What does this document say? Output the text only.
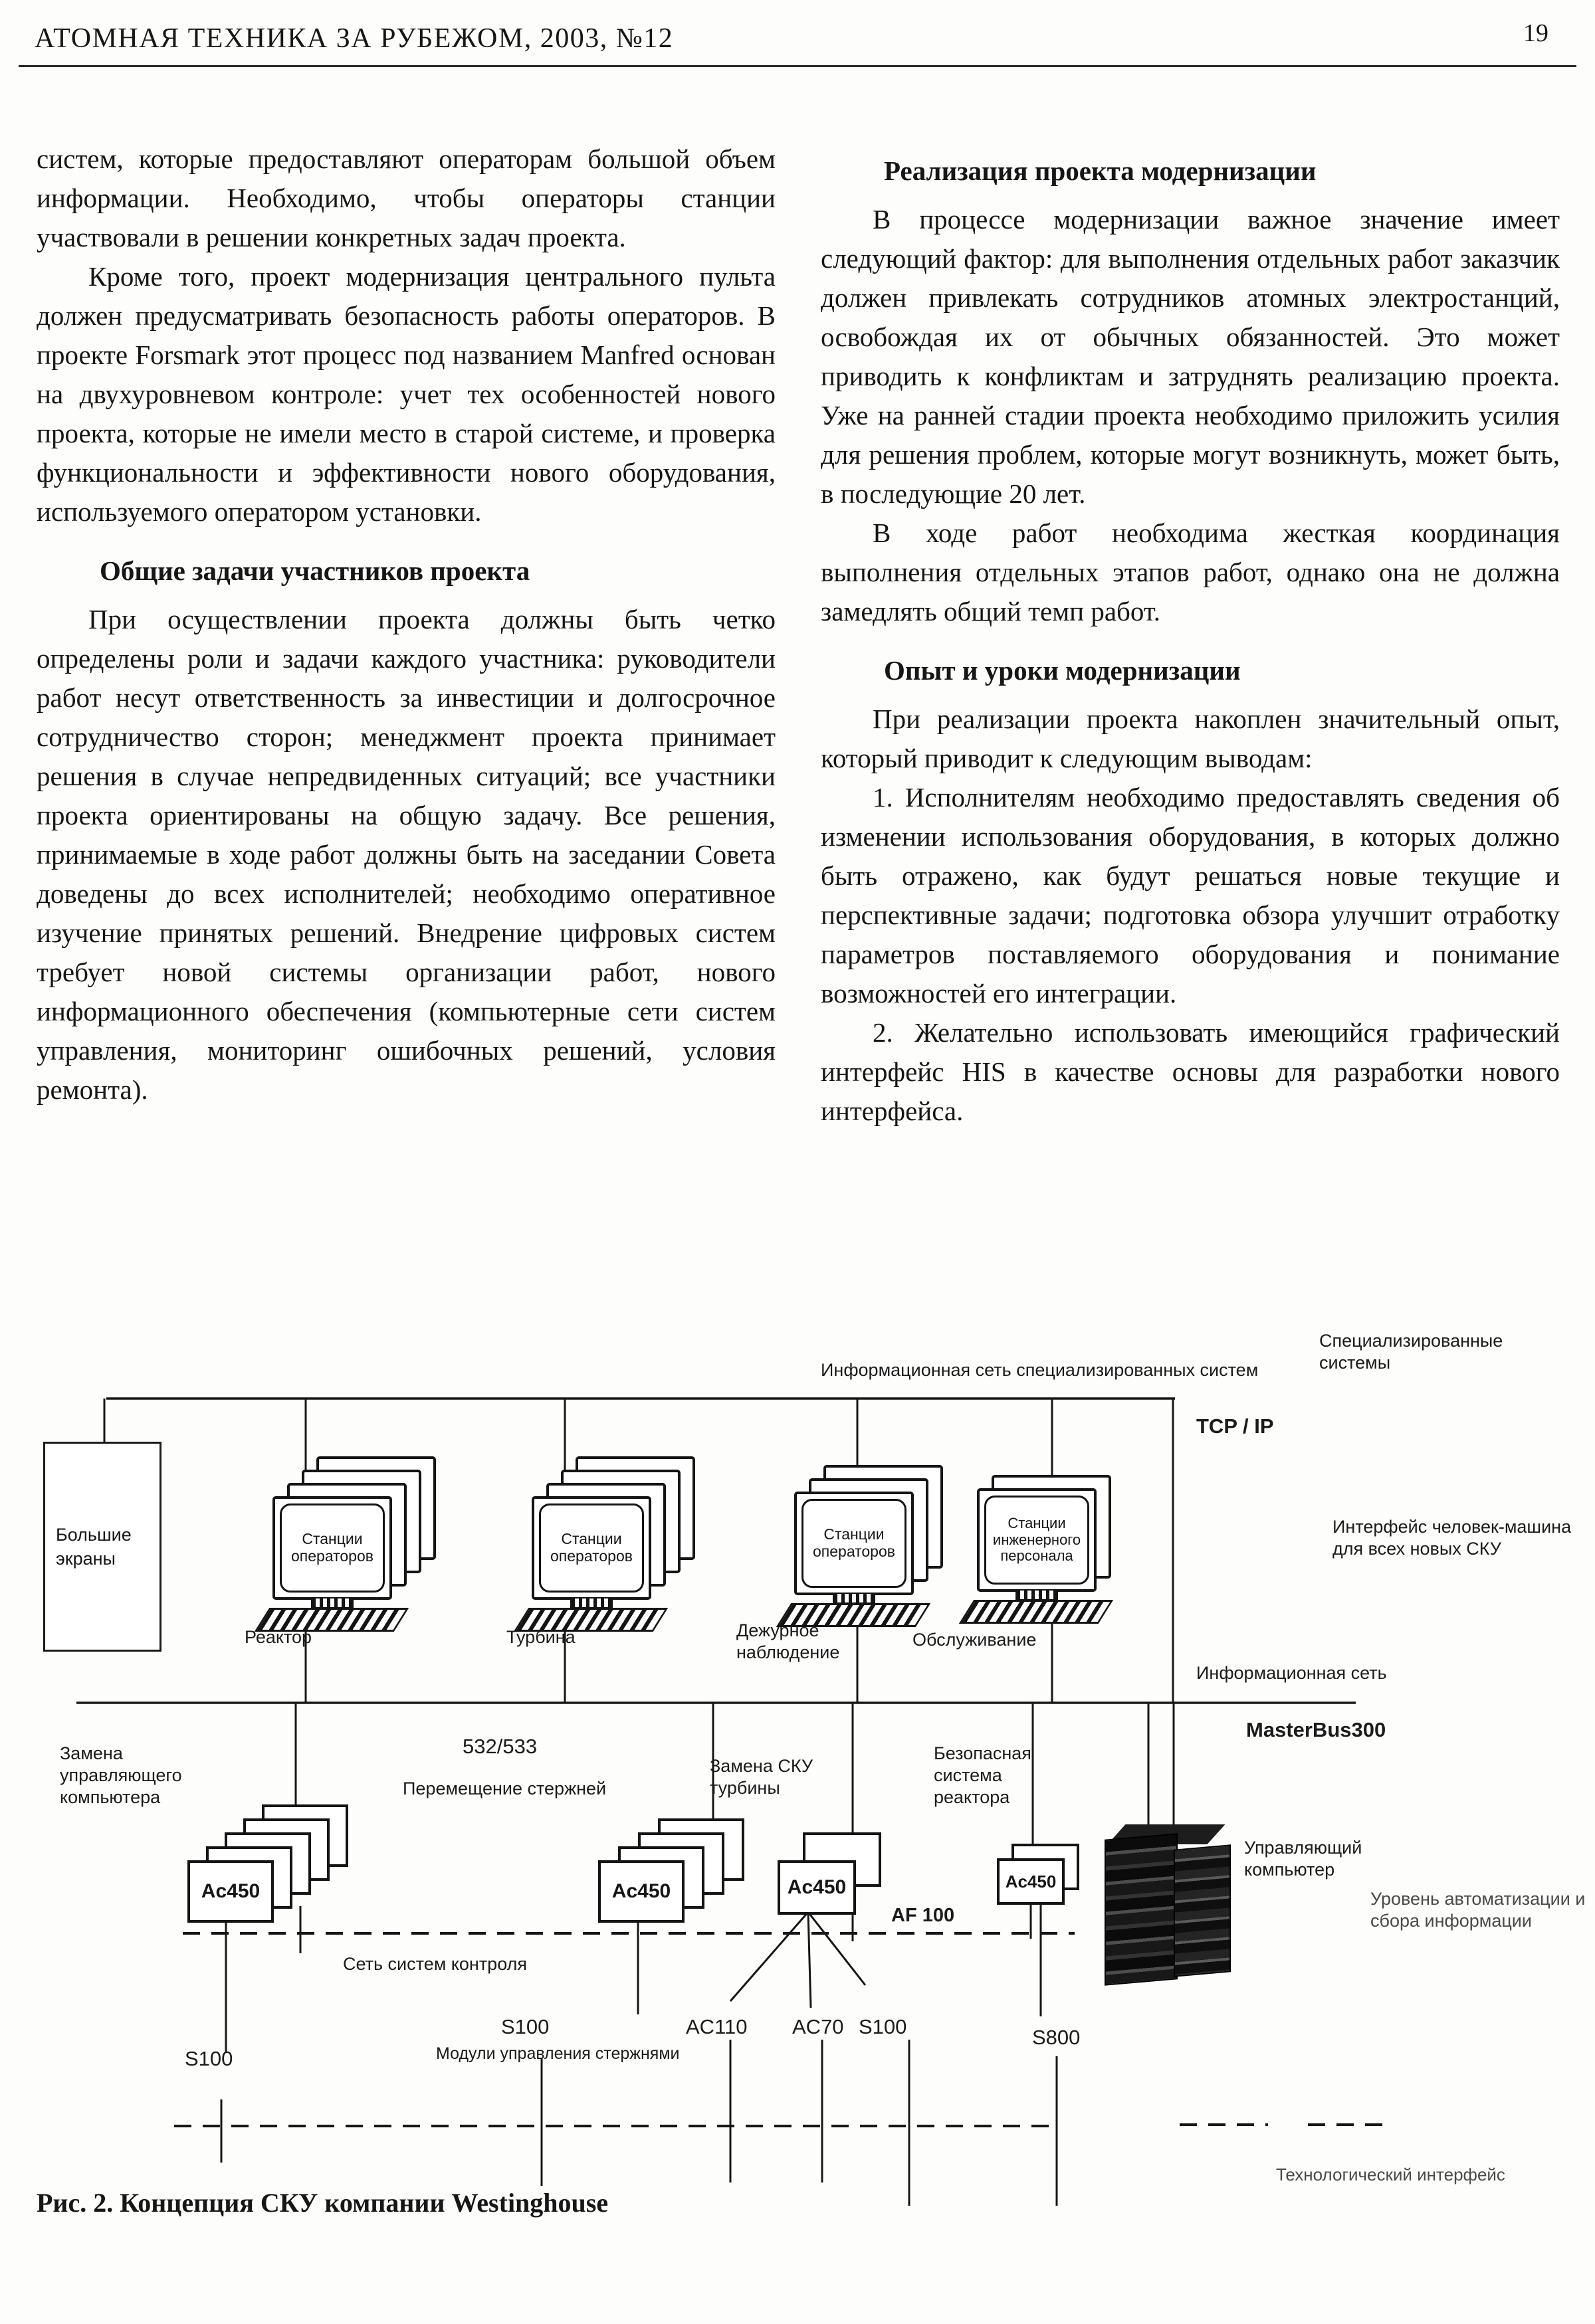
АТОМНАЯ ТЕХНИКА ЗА РУБЕЖОМ, 2003, №12	19

систем, которые предоставляют операторам большой объем информации. Необходимо, чтобы операторы станции участвовали в решении конкретных задач проекта.

Кроме того, проект модернизация центрального пульта должен предусматривать безопасность работы операторов. В проекте Forsmark этот процесс под названием Manfred основан на двухуровневом контроле: учет тех особенностей нового проекта, которые не имели место в старой системе, и проверка функциональности и эффективности нового оборудования, используемого оператором установки.

Общие задачи участников проекта

При осуществлении проекта должны быть четко определены роли и задачи каждого участника: руководители работ несут ответственность за инвестиции и долгосрочное сотрудничество сторон; менеджмент проекта принимает решения в случае непредвиденных ситуаций; все участники проекта ориентированы на общую задачу. Все решения, принимаемые в ходе работ должны быть на заседании Совета доведены до всех исполнителей; необходимо оперативное изучение принятых решений. Внедрение цифровых систем требует новой системы организации работ, нового информационного обеспечения (компьютерные сети систем управления, мониторинг ошибочных решений, условия ремонта).

Реализация проекта модернизации

В процессе модернизации важное значение имеет следующий фактор: для выполнения отдельных работ заказчик должен привлекать сотрудников атомных электростанций, освобождая их от обычных обязанностей. Это может приводить к конфликтам и затруднять реализацию проекта. Уже на ранней стадии проекта необходимо приложить усилия для решения проблем, которые могут возникнуть, может быть, в последующие 20 лет.

В ходе работ необходима жесткая координация выполнения отдельных этапов работ, однако она не должна замедлять общий темп работ.

Опыт и уроки модернизации

При реализации проекта накоплен значительный опыт, который приводит к следующим выводам:

1. Исполнителям необходимо предоставлять сведения об изменении использования оборудования, в которых должно быть отражено, как будут решаться новые текущие и перспективные задачи; подготовка обзора улучшит отработку параметров поставляемого оборудования и понимание возможностей его интеграции.

2. Желательно использовать имеющийся графический интерфейс HIS в качестве основы для разработки нового интерфейса.

Информационная сеть специализированных систем
Специализированные системы
TCP / IP
Большие экраны
Станции операторов
Реактор
Станции операторов
Турбина
Станции операторов
Дежурное наблюдение
Станции инженерного персонала
Обслуживание
Интерфейс человек-машина для всех новых СКУ
Информационная сеть
MasterBus300
Замена управляющего компьютера
532/533
Перемещение стержней
Замена СКУ турбины
Безопасная система реактора
Ac450	Ac450	Ac450	Ac450
Управляющий компьютер
Уровень автоматизации и сбора информации
AF 100
Сеть систем контроля
S100
S100
Модули управления стержнями
AC110 AC70 S100	S800
Технологический интерфейс
Рис. 2. Концепция СКУ компании Westinghouse
